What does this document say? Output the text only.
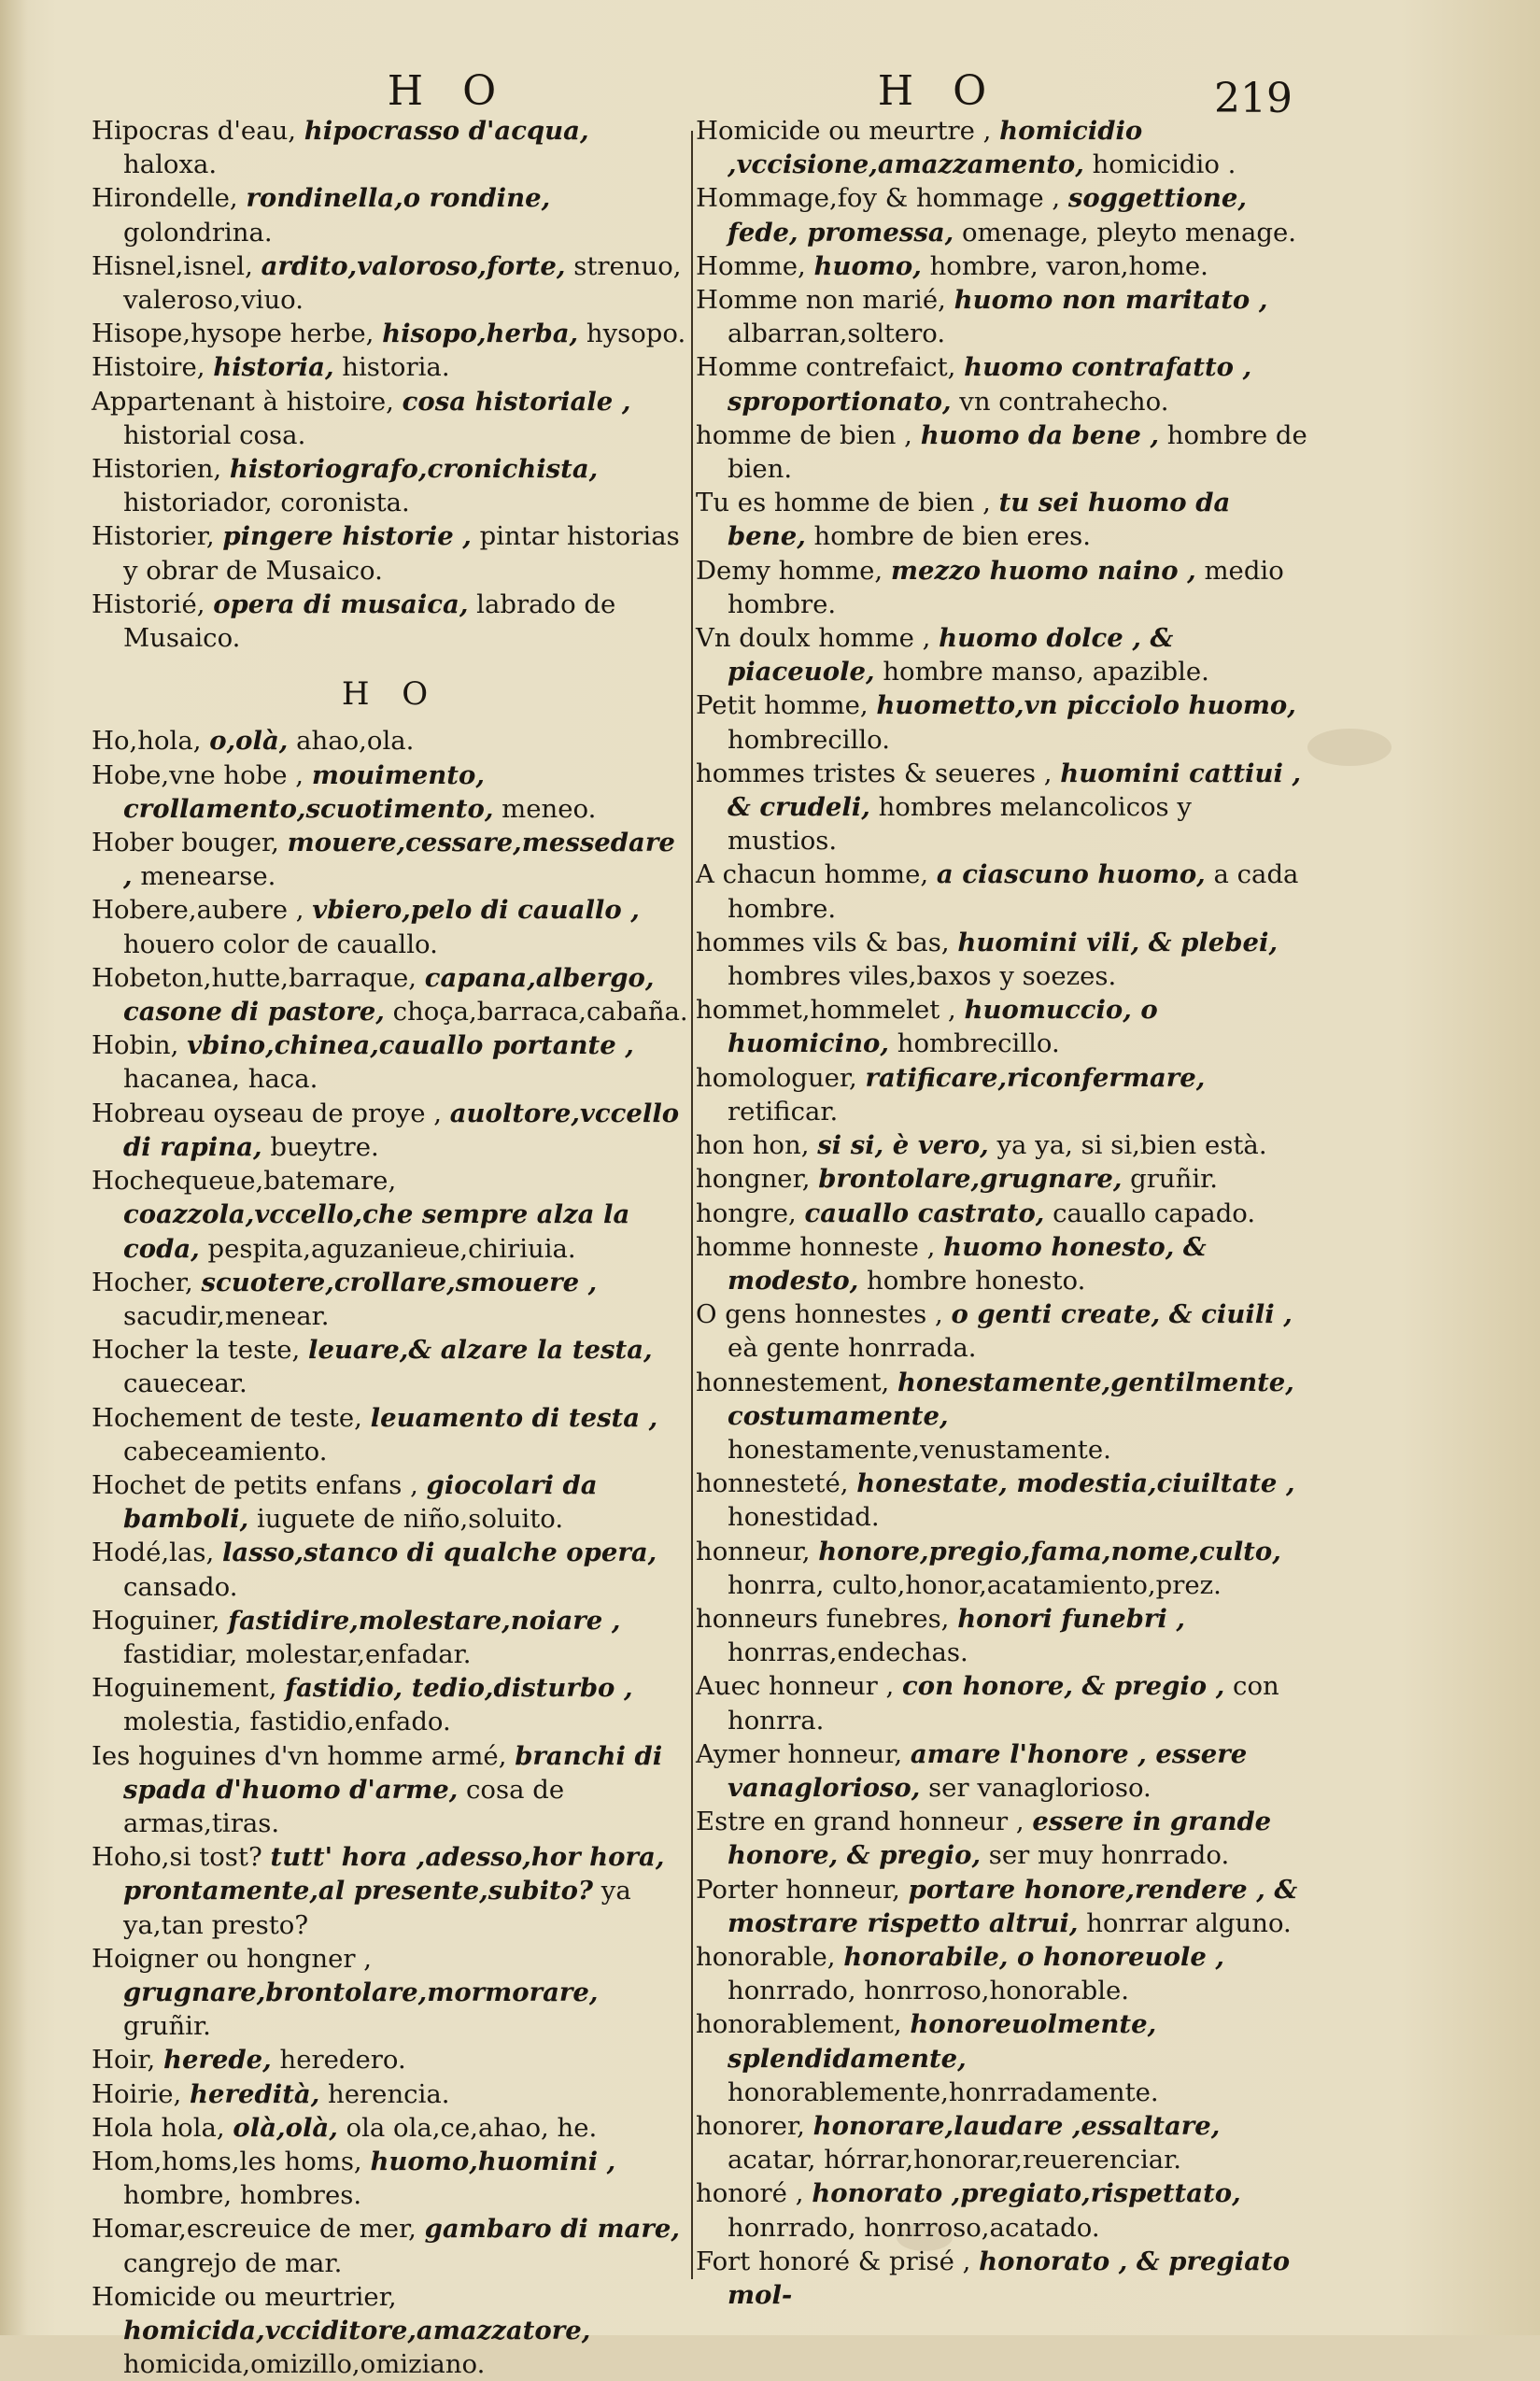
H O	H O	219

Hipocras d'eau, hipocrasso d'acqua, haloxa.

Hirondelle, rondinella,o rondine, golondrina.

Hisnel,isnel, ardito,valoroso,forte, strenuo, valeroso,viuo.

Hisope,hysope herbe, hisopo,herba, hysopo.

Histoire, historia, historia.

Appartenant à histoire, cosa historiale , historial cosa.

Historien, historiografo,cronichista, historiador, coronista.

Historier, pingere historie , pintar historias y obrar de Musaico.

Historié, opera di musaica, labrado de Musaico.

H O

Ho,hola, o,olà, ahao,ola.

Hobe,vne hobe , mouimento, crollamento,scuotimento, meneo.

Hober bouger, mouere,cessare,messedare , menearse.

Hobere,aubere , vbiero,pelo di cauallo , houero color de cauallo.

Hobeton,hutte,barraque, capana,albergo, casone di pastore, choça,barraca,cabaña.

Hobin, vbino,chinea,cauallo portante , hacanea, haca.

Hobreau oyseau de proye , auoltore,vccello di rapina, bueytre.

Hochequeue,batemare, coazzola,vccello,che sempre alza la coda, pespita,aguzanieue,chiriuia.

Hocher, scuotere,crollare,smouere , sacudir,menear.

Hocher la teste, leuare,& alzare la testa, cauecear.

Hochement de teste, leuamento di testa , cabeceamiento.

Hochet de petits enfans , giocolari da bamboli, iuguete de niño,soluito.

Hodé,las, lasso,stanco di qualche opera, cansado.

Hoguiner, fastidire,molestare,noiare , fastidiar, molestar,enfadar.

Hoguinement, fastidio, tedio,disturbo , molestia, fastidio,enfado.

Ies hoguines d'vn homme armé, branchi di spada d'huomo d'arme, cosa de armas,tiras.

Hoho,si tost? tutt' hora ,adesso,hor hora, prontamente,al presente,subito? ya ya,tan presto?

Hoigner ou hongner , grugnare,brontolare,mormorare, gruñir.

Hoir, herede, heredero.

Hoirie, heredità, herencia.

Hola hola, olà,olà, ola ola,ce,ahao, he.

Hom,homs,les homs, huomo,huomini , hombre, hombres.

Homar,escreuice de mer, gambaro di mare, cangrejo de mar.

Homicide ou meurtrier, homicida,vcciditore,amazzatore, homicida,omizillo,omiziano.

Homicide ou meurtre , homicidio ,vccisione,amazzamento, homicidio .

Hommage,foy & hommage , soggettione, fede, promessa, omenage, pleyto menage.

Homme, huomo, hombre, varon,home.

Homme non marié, huomo non maritato , albarran,soltero.

Homme contrefaict, huomo contrafatto , sproportionato, vn contrahecho.

homme de bien , huomo da bene , hombre de bien.

Tu es homme de bien , tu sei huomo da bene, hombre de bien eres.

Demy homme, mezzo huomo naino , medio hombre.

Vn doulx homme , huomo dolce , & piaceuole, hombre manso, apazible.

Petit homme, huometto,vn picciolo huomo, hombrecillo.

hommes tristes & seueres , huomini cattiui , & crudeli, hombres melancolicos y mustios.

A chacun homme, a ciascuno huomo, a cada hombre.

hommes vils & bas, huomini vili, & plebei, hombres viles,baxos y soezes.

hommet,hommelet , huomuccio, o huomicino, hombrecillo.

homologuer, ratificare,riconfermare, retificar.

hon hon, si si, è vero, ya ya, si si,bien està.

hongner, brontolare,grugnare, gruñir.

hongre, cauallo castrato, cauallo capado.

homme honneste , huomo honesto, & modesto, hombre honesto.

O gens honnestes , o genti create, & ciuili , eà gente honrrada.

honnestement, honestamente,gentilmente, costumamente, honestamente,venustamente.

honnesteté, honestate, modestia,ciuiltate , honestidad.

honneur, honore,pregio,fama,nome,culto, honrra, culto,honor,acatamiento,prez.

honneurs funebres, honori funebri , honrras,endechas.

Auec honneur , con honore, & pregio , con honrra.

Aymer honneur, amare l'honore , essere vanaglorioso, ser vanaglorioso.

Estre en grand honneur , essere in grande honore, & pregio, ser muy honrrado.

Porter honneur, portare honore,rendere , & mostrare rispetto altrui, honrrar alguno.

honorable, honorabile, o honoreuole , honrrado, honrroso,honorable.

honorablement, honoreuolmente, splendidamente, honorablemente,honrradamente.

honorer, honorare,laudare ,essaltare, acatar, hórrar,honorar,reuerenciar.

honoré , honorato ,pregiato,rispettato, honrrado, honrroso,acatado.

Fort honoré & prisé , honorato , & pregiato mol-
